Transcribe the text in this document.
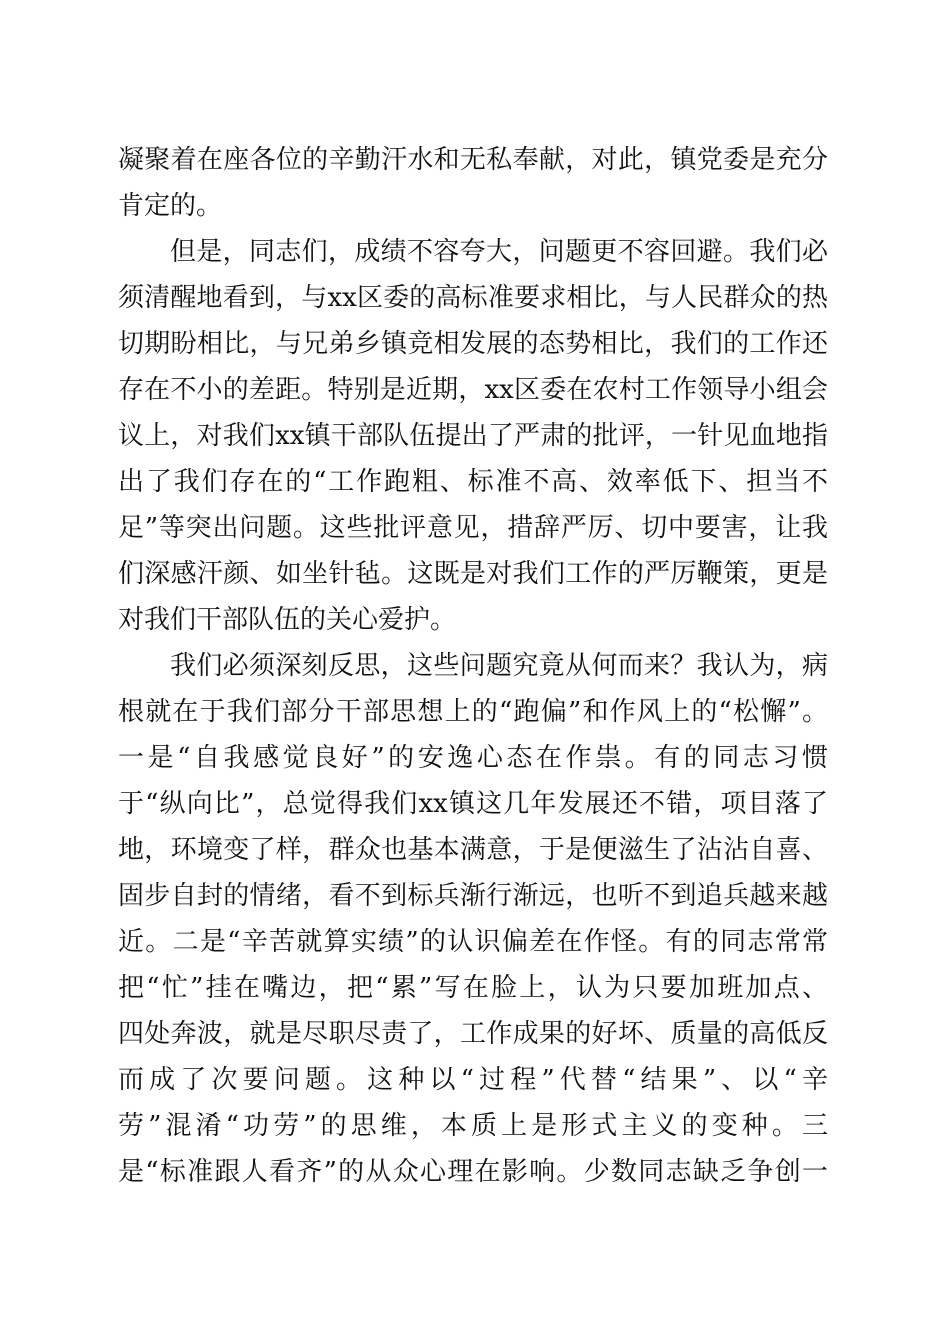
凝聚着在座各位的辛勤汗水和无私奉献，对此，镇党委是充分
肯定的。
但是，同志们，成绩不容夸大，问题更不容回避。我们必
须清醒地看到，与xx区委的高标准要求相比，与人民群众的热
切期盼相比，与兄弟乡镇竞相发展的态势相比，我们的工作还
存在不小的差距。特别是近期，xx区委在农村工作领导小组会
议上，对我们xx镇干部队伍提出了严肃的批评，一针见血地指
出了我们存在的“工作跑粗、标准不高、效率低下、担当不
足”等突出问题。这些批评意见，措辞严厉、切中要害，让我
们深感汗颜、如坐针毡。这既是对我们工作的严厉鞭策，更是
对我们干部队伍的关心爱护。
我们必须深刻反思，这些问题究竟从何而来？我认为，病
根就在于我们部分干部思想上的“跑偏”和作风上的“松懈”。
一是“自我感觉良好”的安逸心态在作祟。有的同志习惯
于“纵向比”，总觉得我们xx镇这几年发展还不错，项目落了
地，环境变了样，群众也基本满意，于是便滋生了沾沾自喜、
固步自封的情绪，看不到标兵渐行渐远，也听不到追兵越来越
近。二是“辛苦就算实绩”的认识偏差在作怪。有的同志常常
把“忙”挂在嘴边，把“累”写在脸上，认为只要加班加点、
四处奔波，就是尽职尽责了，工作成果的好坏、质量的高低反
而成了次要问题。这种以“过程”代替“结果”、以“辛
劳”混淆“功劳”的思维，本质上是形式主义的变种。三
是“标准跟人看齐”的从众心理在影响。少数同志缺乏争创一
